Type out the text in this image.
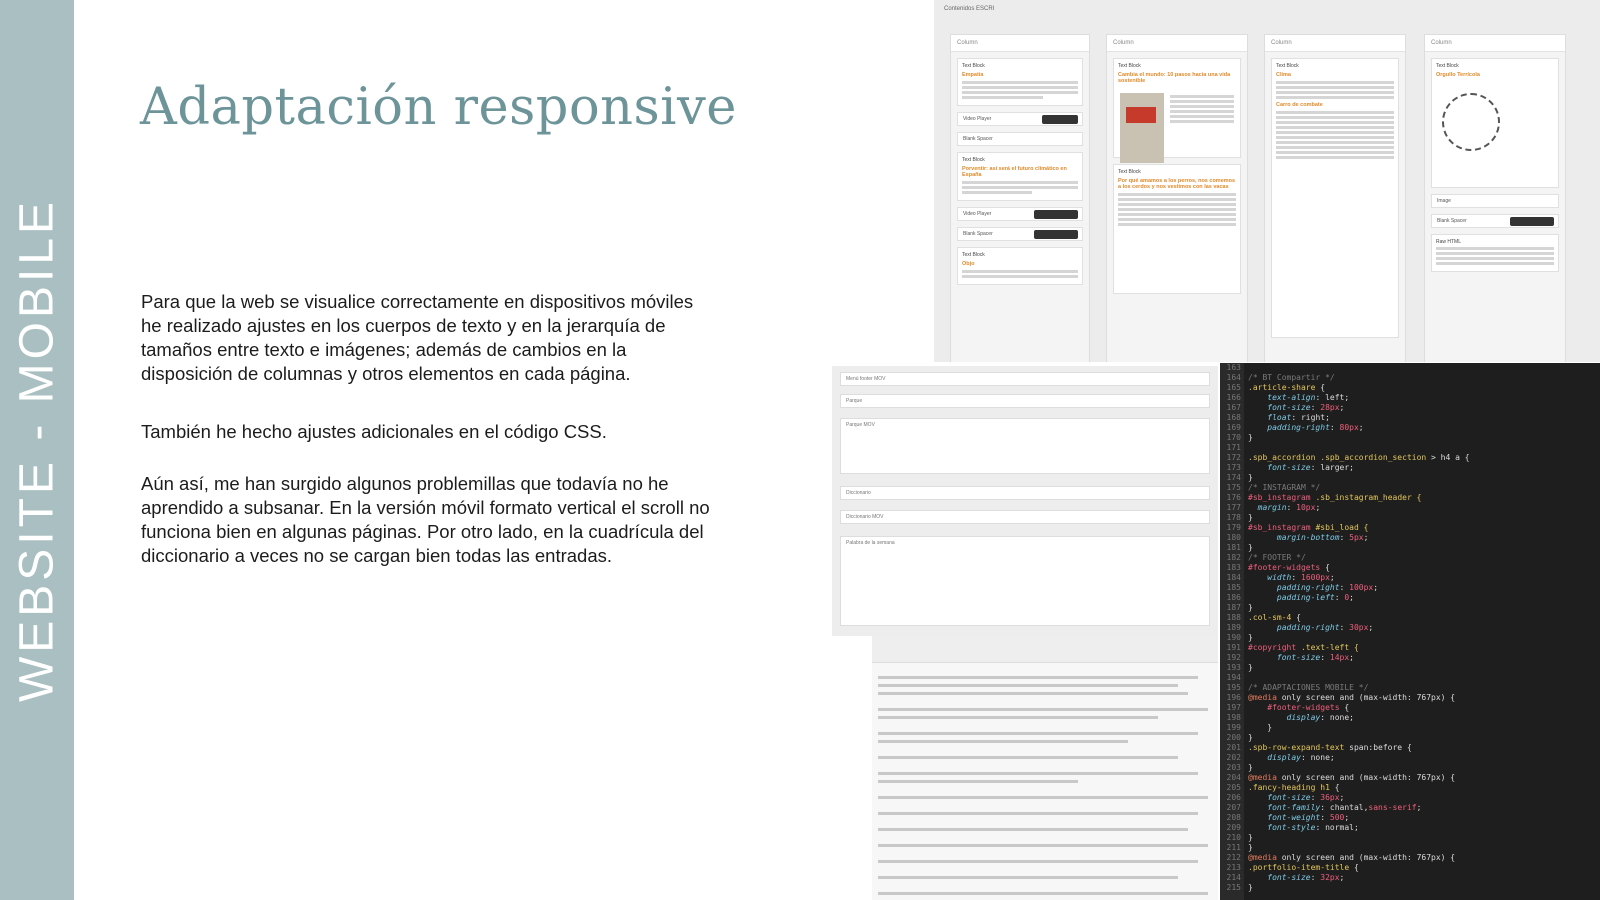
WEBSITE - MOBILE
Adaptación responsive
Para que la web se visualice correctamente en dispositivos móviles he realizado ajustes en los cuerpos de texto y en la jerarquía de tamaños entre texto e imágenes; además de cambios en la disposición de columnas y otros elementos en cada página.
También he hecho ajustes adicionales en el código CSS.
Aún así, me han surgido algunos problemillas que todavía no he aprendido a subsanar. En la versión móvil formato vertical el scroll no funciona bien en algunas páginas. Por otro lado, en la cuadrícula del diccionario a veces no se cargan bien todas las entradas.
Contenidos ESCRI
Column
Text Block
Empatía
Video Player
Blank Spacer
Text Block
Porventir: así será el futuro climático en España
Video Player
Blank Spacer
Text Block
Objo
Column
Text Block
Cambia el mundo: 10 pasos hacia una vida sostenible
Text Block
Por qué amamos a los perros, nos comemos a los cerdos y nos vestimos con las vacas
Column
Text Block
Clima
Carro de combate
Column
Text Block
Orgullo Terrícola
Image
Blank Spacer
Raw HTML
Menú footer MOV
Parque
Parque MOV
Diccionario
Diccionario MOV
Palabra de la semana
163
164
165
166
167
168
169
170
171
172
173
174
175
176
177
178
179
180
181
182
183
184
185
186
187
188
189
190
191
192
193
194
195
196
197
198
199
200
201
202
203
204
205
206
207
208
209
210
211
212
213
214
215
/* BT Compartir */
.article-share {
text-align: left;
font-size: 28px;
float: right;
padding-right: 80px;
}
.spb_accordion .spb_accordion_section > h4 a {
font-size: larger;
}
/* INSTAGRAM */
#sb_instagram .sb_instagram_header {
margin: 10px;
}
#sb_instagram #sbi_load {
margin-bottom: 5px;
}
/* FOOTER */
#footer-widgets {
width: 1600px;
padding-right: 100px;
padding-left: 0;
}
.col-sm-4 {
padding-right: 30px;
}
#copyright .text-left {
font-size: 14px;
}
/* ADAPTACIONES MOBILE */
@media only screen and (max-width: 767px) {
#footer-widgets {
display: none;
}
}
.spb-row-expand-text span:before {
display: none;
}
@media only screen and (max-width: 767px) {
.fancy-heading h1 {
font-size: 36px;
font-family: chantal,sans-serif;
font-weight: 500;
font-style: normal;
}
}
@media only screen and (max-width: 767px) {
.portfolio-item-title {
font-size: 32px;
}
